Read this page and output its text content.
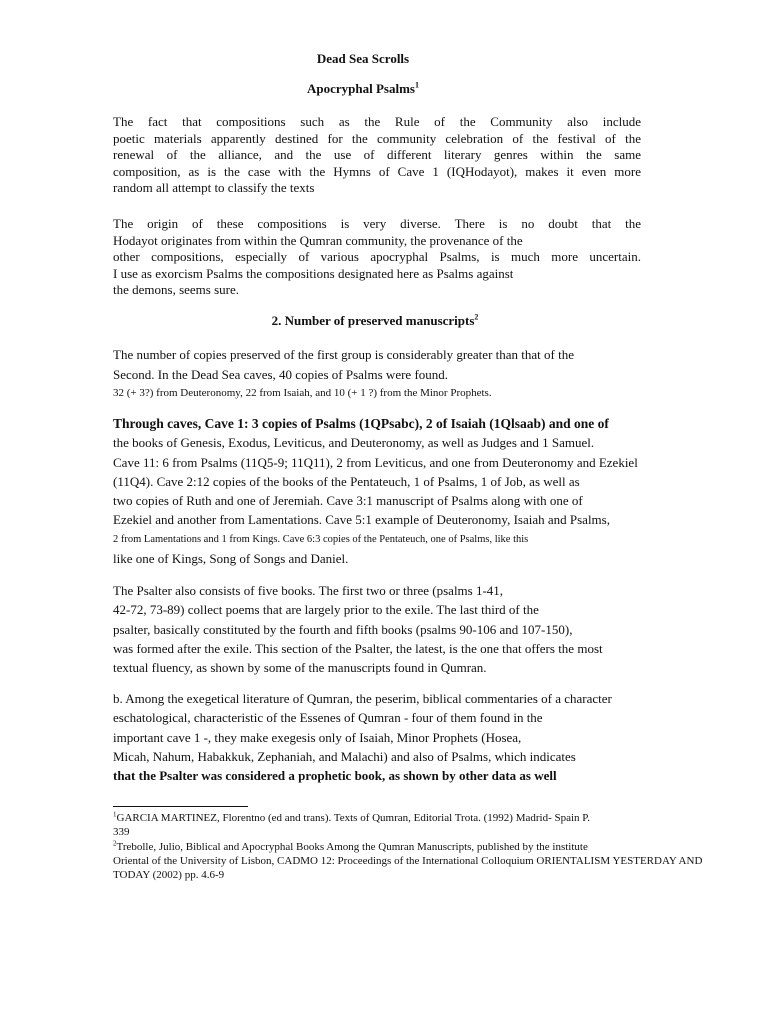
Dead Sea Scrolls
Apocryphal Psalms$^1$

The fact that compositions such as the Rule of the Community also include
poetic materials apparently destined for the community celebration of the festival of the
renewal of the alliance, and the use of different literary genres within the same
composition, as is the case with the Hymns of Cave 1 (IQHodayot), makes it even more
random all attempt to classify the texts

The origin of these compositions is very diverse. There is no doubt that the
Hodayot originates from within the Qumran community, the provenance of the
other compositions, especially of various apocryphal Psalms, is much more uncertain.
I use as exorcism Psalms the compositions designated here as Psalms against
the demons, seems sure.

2. Number of preserved manuscripts$^2$

The number of copies preserved of the first group is considerably greater than that of the
Second. In the Dead Sea caves, 40 copies of Psalms were found.
32 (+ 3?) from Deuteronomy, 22 from Isaiah, and 10 (+ 1 ?) from the Minor Prophets.

Through caves, Cave 1: 3 copies of Psalms (1QPsabc), 2 of Isaiah (1Qlsaab) and one of
the books of Genesis, Exodus, Leviticus, and Deuteronomy, as well as Judges and 1 Samuel.
Cave 11: 6 from Psalms (11Q5-9; 11Q11), 2 from Leviticus, and one from Deuteronomy and Ezekiel
(11Q4). Cave 2:12 copies of the books of the Pentateuch, 1 of Psalms, 1 of Job, as well as
two copies of Ruth and one of Jeremiah. Cave 3:1 manuscript of Psalms along with one of
Ezekiel and another from Lamentations. Cave 5:1 example of Deuteronomy, Isaiah and Psalms,
2 from Lamentations and 1 from Kings. Cave 6:3 copies of the Pentateuch, one of Psalms, like this
like one of Kings, Song of Songs and Daniel.

The Psalter also consists of five books. The first two or three (psalms 1-41,
42-72, 73-89) collect poems that are largely prior to the exile. The last third of the
psalter, basically constituted by the fourth and fifth books (psalms 90-106 and 107-150),
was formed after the exile. This section of the Psalter, the latest, is the one that offers the most
textual fluency, as shown by some of the manuscripts found in Qumran.

b. Among the exegetical literature of Qumran, the peserim, biblical commentaries of a character
eschatological, characteristic of the Essenes of Qumran - four of them found in the
important cave 1 -, they make exegesis only of Isaiah, Minor Prophets (Hosea,
Micah, Nahum, Habakkuk, Zephaniah, and Malachi) and also of Psalms, which indicates
that the Psalter was considered a prophetic book, as shown by other data as well

$^1$GARCIA MARTINEZ, Florentno (ed and trans). Texts of Qumran, Editorial Trota. (1992) Madrid- Spain P.
339

$^2$Trebolle, Julio, Biblical and Apocryphal Books Among the Qumran Manuscripts, published by the institute
Oriental of the University of Lisbon, CADMO 12: Proceedings of the International Colloquium ORIENTALISM YESTERDAY AND
TODAY (2002) pp. 4.6-9
